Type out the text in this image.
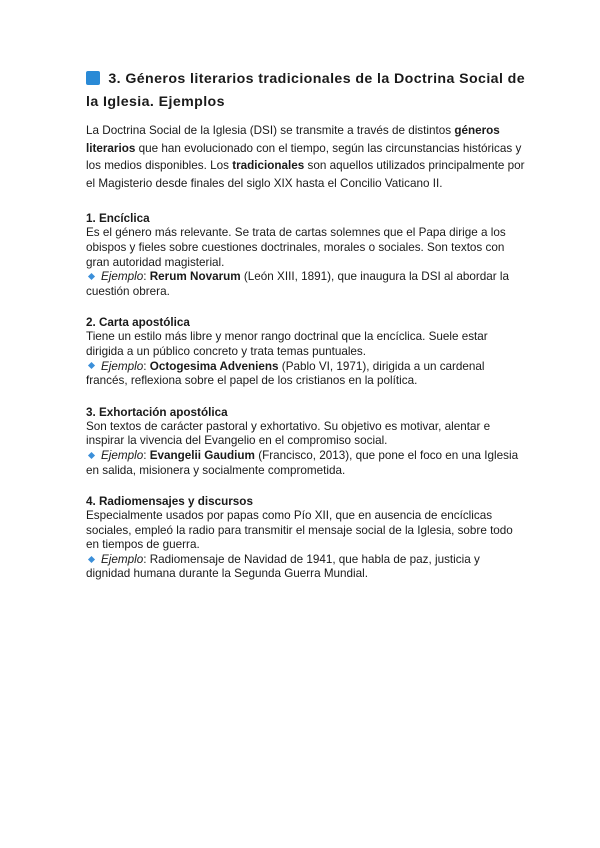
3. Géneros literarios tradicionales de la Doctrina Social de la Iglesia. Ejemplos

La Doctrina Social de la Iglesia (DSI) se transmite a través de distintos géneros literarios que han evolucionado con el tiempo, según las circunstancias históricas y los medios disponibles. Los tradicionales son aquellos utilizados principalmente por el Magisterio desde finales del siglo XIX hasta el Concilio Vaticano II.

1. Encíclica

Es el género más relevante. Se trata de cartas solemnes que el Papa dirige a los obispos y fieles sobre cuestiones doctrinales, morales o sociales. Son textos con gran autoridad magisterial.

Ejemplo: Rerum Novarum (León XIII, 1891), que inaugura la DSI al abordar la cuestión obrera.

2. Carta apostólica

Tiene un estilo más libre y menor rango doctrinal que la encíclica. Suele estar dirigida a un público concreto y trata temas puntuales.

Ejemplo: Octogesima Adveniens (Pablo VI, 1971), dirigida a un cardenal francés, reflexiona sobre el papel de los cristianos en la política.

3. Exhortación apostólica

Son textos de carácter pastoral y exhortativo. Su objetivo es motivar, alentar e inspirar la vivencia del Evangelio en el compromiso social.

Ejemplo: Evangelii Gaudium (Francisco, 2013), que pone el foco en una Iglesia en salida, misionera y socialmente comprometida.

4. Radiomensajes y discursos

Especialmente usados por papas como Pío XII, que en ausencia de encíclicas sociales, empleó la radio para transmitir el mensaje social de la Iglesia, sobre todo en tiempos de guerra.

Ejemplo: Radiomensaje de Navidad de 1941, que habla de paz, justicia y dignidad humana durante la Segunda Guerra Mundial.
